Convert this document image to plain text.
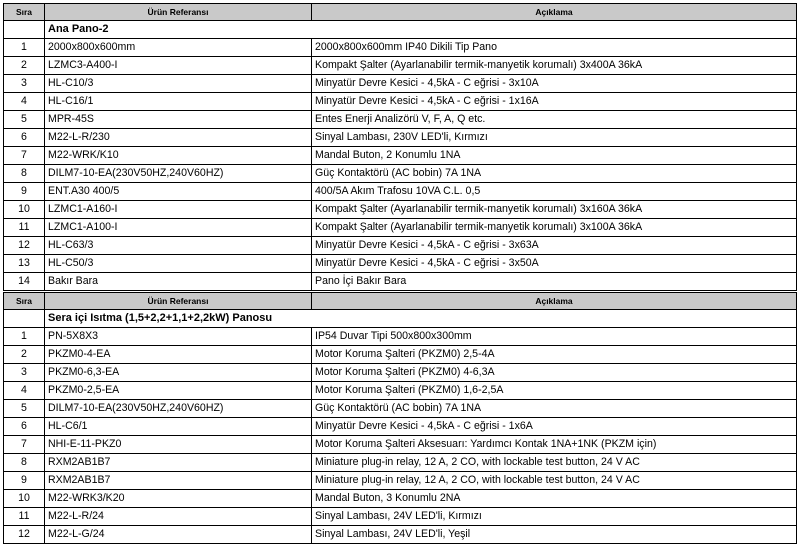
Sıra	Ürün Referansı	Açıklama
	Ana Pano-2	
1	2000x800x600mm	2000x800x600mm IP40 Dikili Tip Pano
2	LZMC3-A400-I	Kompakt Şalter (Ayarlanabilir termik-manyetik korumalı) 3x400A 36kA
3	HL-C10/3	Minyatür Devre Kesici - 4,5kA - C eğrisi - 3x10A
4	HL-C16/1	Minyatür Devre Kesici - 4,5kA - C eğrisi - 1x16A
5	MPR-45S	Entes Enerji Analizörü V, F, A, Q etc.
6	M22-L-R/230	Sinyal Lambası, 230V LED'li, Kırmızı
7	M22-WRK/K10	Mandal Buton, 2 Konumlu 1NA
8	DILM7-10-EA(230V50HZ,240V60HZ)	Güç Kontaktörü (AC bobin) 7A 1NA
9	ENT.A30 400/5	400/5A Akım Trafosu 10VA C.L. 0,5
10	LZMC1-A160-I	Kompakt Şalter (Ayarlanabilir termik-manyetik korumalı) 3x160A 36kA
11	LZMC1-A100-I	Kompakt Şalter (Ayarlanabilir termik-manyetik korumalı) 3x100A 36kA
12	HL-C63/3	Minyatür Devre Kesici - 4,5kA - C eğrisi - 3x63A
13	HL-C50/3	Minyatür Devre Kesici - 4,5kA - C eğrisi - 3x50A
14	Bakır Bara	Pano İçi Bakır Bara
Sıra	Ürün Referansı	Açıklama
	Sera içi Isıtma (1,5+2,2+1,1+2,2kW) Panosu	
1	PN-5X8X3	IP54 Duvar Tipi 500x800x300mm
2	PKZM0-4-EA	Motor Koruma Şalteri (PKZM0) 2,5-4A
3	PKZM0-6,3-EA	Motor Koruma Şalteri (PKZM0) 4-6,3A
4	PKZM0-2,5-EA	Motor Koruma Şalteri (PKZM0) 1,6-2,5A
5	DILM7-10-EA(230V50HZ,240V60HZ)	Güç Kontaktörü (AC bobin) 7A 1NA
6	HL-C6/1	Minyatür Devre Kesici - 4,5kA - C eğrisi - 1x6A
7	NHI-E-11-PKZ0	Motor Koruma Şalteri Aksesuarı: Yardımcı Kontak 1NA+1NK (PKZM için)
8	RXM2AB1B7	Miniature plug-in relay, 12 A, 2 CO, with lockable test button, 24 V AC
9	RXM2AB1B7	Miniature plug-in relay, 12 A, 2 CO, with lockable test button, 24 V AC
10	M22-WRK3/K20	Mandal Buton, 3 Konumlu 2NA
11	M22-L-R/24	Sinyal Lambası, 24V LED'li, Kırmızı
12	M22-L-G/24	Sinyal Lambası, 24V LED'li, Yeşil
